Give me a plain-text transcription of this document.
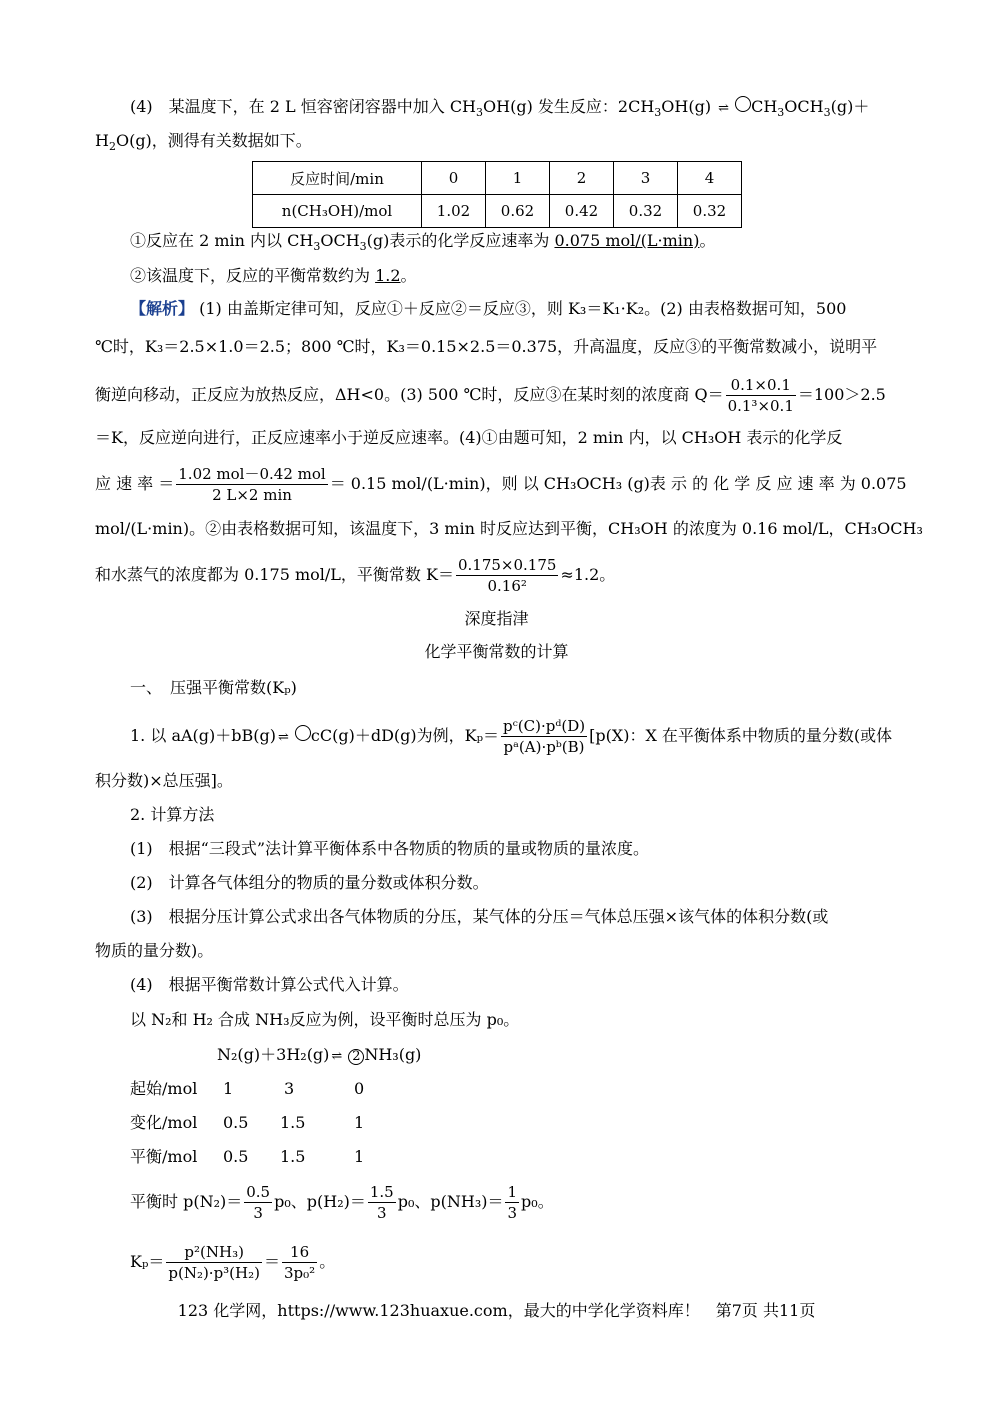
(4)　某温度下，在 2 L 恒容密闭容器中加入 $CH_3OH(g)$ 发生反应：$2CH_3OH(g)$ ⇌ $CH_3OCH_3(g)+$
$H_2O(g)$，测得有关数据如下。
反应时间/min	0	1	2	3	4
n(CH₃OH)/mol	1.02	0.62	0.42	0.32	0.32
①反应在 2 min 内以 $CH_3OCH_3(g)$表示的化学反应速率为 0.075 mol/(L·min)。
②该温度下，反应的平衡常数约为 1.2。
【解析】 (1) 由盖斯定律可知，反应①＋反应②＝反应③，则 K₃＝K₁·K₂。(2) 由表格数据可知，500
℃时，K₃＝2.5×1.0＝2.5；800 ℃时，K₃＝0.15×2.5＝0.375，升高温度，反应③的平衡常数减小，说明平
衡逆向移动，正反应为放热反应，ΔH<0。(3) 500 ℃时，反应③在某时刻的浓度商 $Q= \frac{0.1\times 0.1}{\text{0.1³×0.1}} =100>2.5$
＝K，反应逆向进行，正反应速率小于逆反应速率。(4)①由题可知，2 min 内，以 CH₃OH 表示的化学反
应 速 率 ＝ $\frac{\text{1.02 mol－0.42 mol}}{2 L\times 2 \min} = 0.15$ mol/(L·min)，则 以 CH₃OCH₃ (g)表 示 的 化 学 反 应 速 率 为 0.075
mol/(L·min)。②由表格数据可知，该温度下，3 min 时反应达到平衡，CH₃OH 的浓度为 0.16 mol/L，CH₃OCH₃
和水蒸气的浓度都为 0.175 mol/L，平衡常数 $K= \frac{0.175\times 0.175}{\text{0.16²}} \approx 1.2$。
深度指津
化学平衡常数的计算
一、　压强平衡常数(Kₚ)
1. 以 aA(g)＋bB(g) ⇌ cC(g)＋dD(g)为例，$K_p= \frac{\text{pᶜ(C)·pᵈ(D)}}{\text{pᵃ(A)·pᵇ(B)}} [p(X)$：X 在平衡体系中物质的量分数(或体
积分数)×总压强]。
2. 计算方法
(1)　根据“三段式”法计算平衡体系中各物质的物质的量或物质的量浓度。
(2)　计算各气体组分的物质的量分数或体积分数。
(3)　根据分压计算公式求出各气体物质的分压，某气体的分压＝气体总压强×该气体的体积分数(或
物质的量分数)。
(4)　根据平衡常数计算公式代入计算。
以 N₂和 H₂ 合成 NH₃反应为例，设平衡时总压为 p₀。
N₂(g)＋3H₂(g) ⇌ 2 NH₃(g)
起始/mol 1	3	0
变化/mol 0.5 1.5	1
平衡/mol 0.5 1.5	1
平衡时 $p(N_2)= \frac{0.5}{3} p_0$、$p(H_2)= \frac{1.5}{3} p_0$、$p(NH_3)= \frac{1}{3} p_0$。
$K_p= \frac{\text{p²(NH₃)}}{\text{p(N₂)·p³(H₂)}} = \frac{16}{\text{3p₀²}}$ 。
123 化学网，https://www.123huaxue.com，最大的中学化学资料库！　第7页 共11页
